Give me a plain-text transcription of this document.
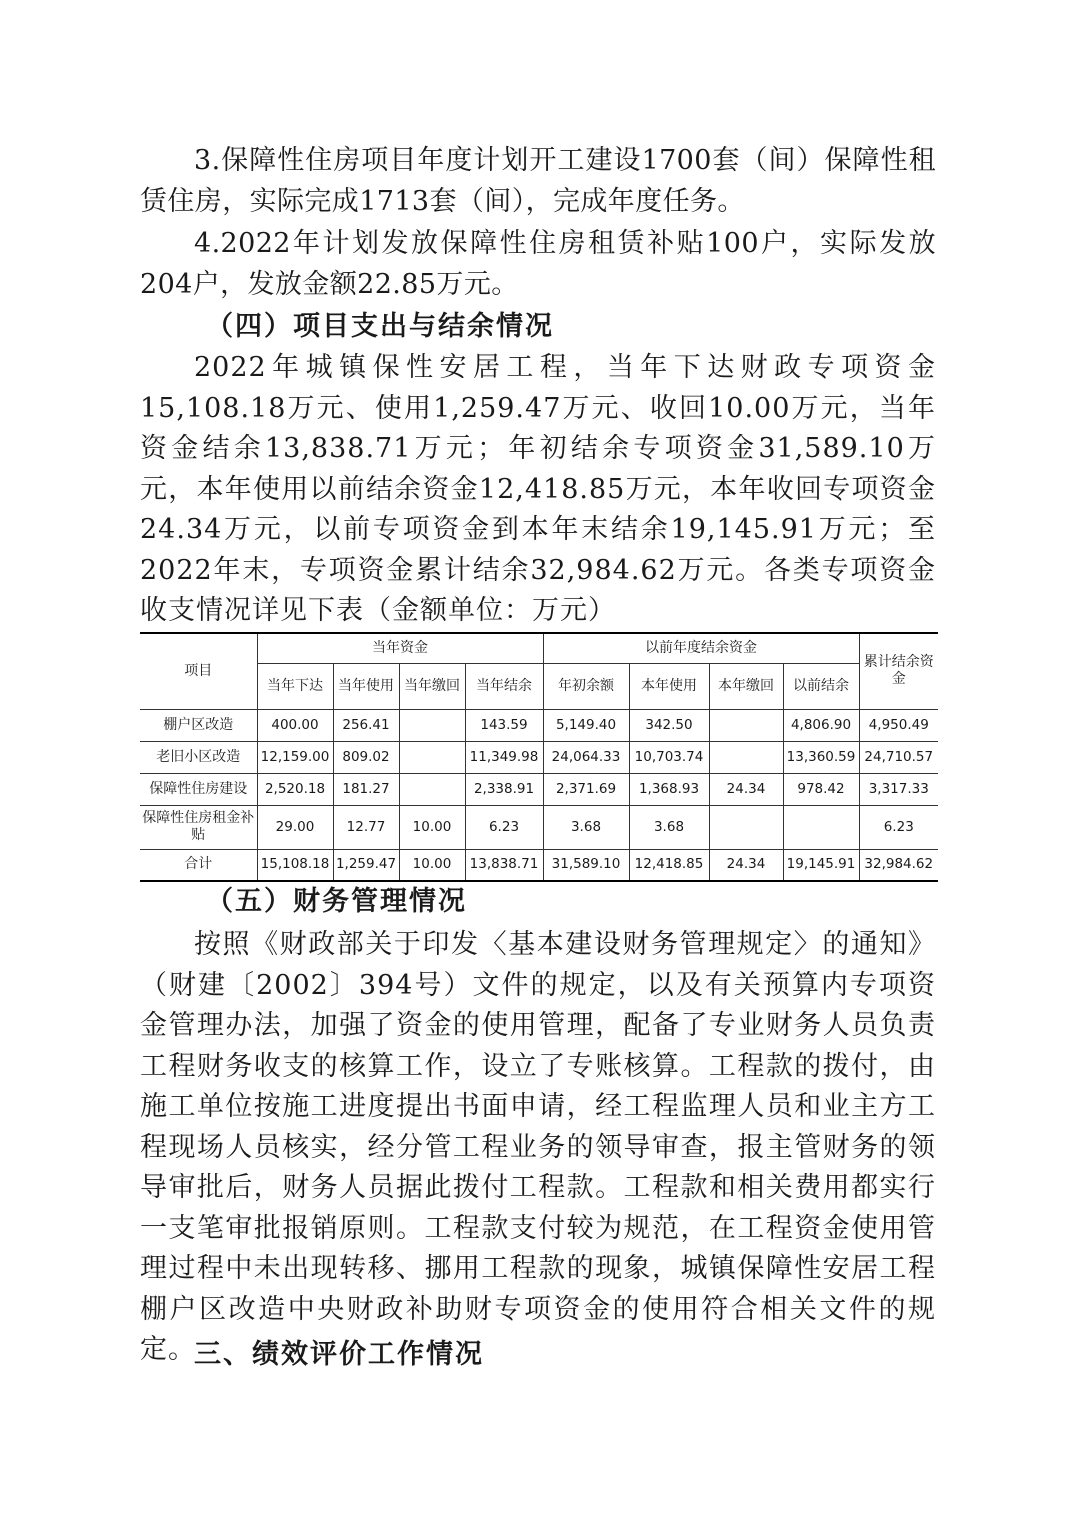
3.保障性住房项目年度计划开工建设1700套（间）保障性租赁住房，实际完成1713套（间），完成年度任务。

4.2022年计划发放保障性住房租赁补贴100户，实际发放204户，发放金额22.85万元。

（四）项目支出与结余情况

2022年城镇保性安居工程，当年下达财政专项资金15,108.18万元、使用1,259.47万元、收回10.00万元，当年资金结余13,838.71万元；年初结余专项资金31,589.10万元，本年使用以前结余资金12,418.85万元，本年收回专项资金24.34万元，以前专项资金到本年末结余19,145.91万元；至2022年末，专项资金累计结余32,984.62万元。各类专项资金收支情况详见下表（金额单位：万元）

项目	当年资金				以前年度结余资金				累计结余资金
	当年下达	当年使用	当年缴回	当年结余	年初余额	本年使用	本年缴回	以前结余	
棚户区改造	400.00	256.41		143.59	5,149.40	342.50		4,806.90	4,950.49
老旧小区改造	12,159.00	809.02		11,349.98	24,064.33	10,703.74		13,360.59	24,710.57
保障性住房建设	2,520.18	181.27		2,338.91	2,371.69	1,368.93	24.34	978.42	3,317.33
保障性住房租金补贴	29.00	12.77	10.00	6.23	3.68	3.68			6.23
合计	15,108.18	1,259.47	10.00	13,838.71	31,589.10	12,418.85	24.34	19,145.91	32,984.62

（五）财务管理情况

按照《财政部关于印发〈基本建设财务管理规定〉的通知》（财建〔2002〕394号）文件的规定，以及有关预算内专项资金管理办法，加强了资金的使用管理，配备了专业财务人员负责工程财务收支的核算工作，设立了专账核算。工程款的拨付，由施工单位按施工进度提出书面申请，经工程监理人员和业主方工程现场人员核实，经分管工程业务的领导审查，报主管财务的领导审批后，财务人员据此拨付工程款。工程款和相关费用都实行一支笔审批报销原则。工程款支付较为规范，在工程资金使用管理过程中未出现转移、挪用工程款的现象，城镇保障性安居工程棚户区改造中央财政补助财专项资金的使用符合相关文件的规定。

三、绩效评价工作情况
